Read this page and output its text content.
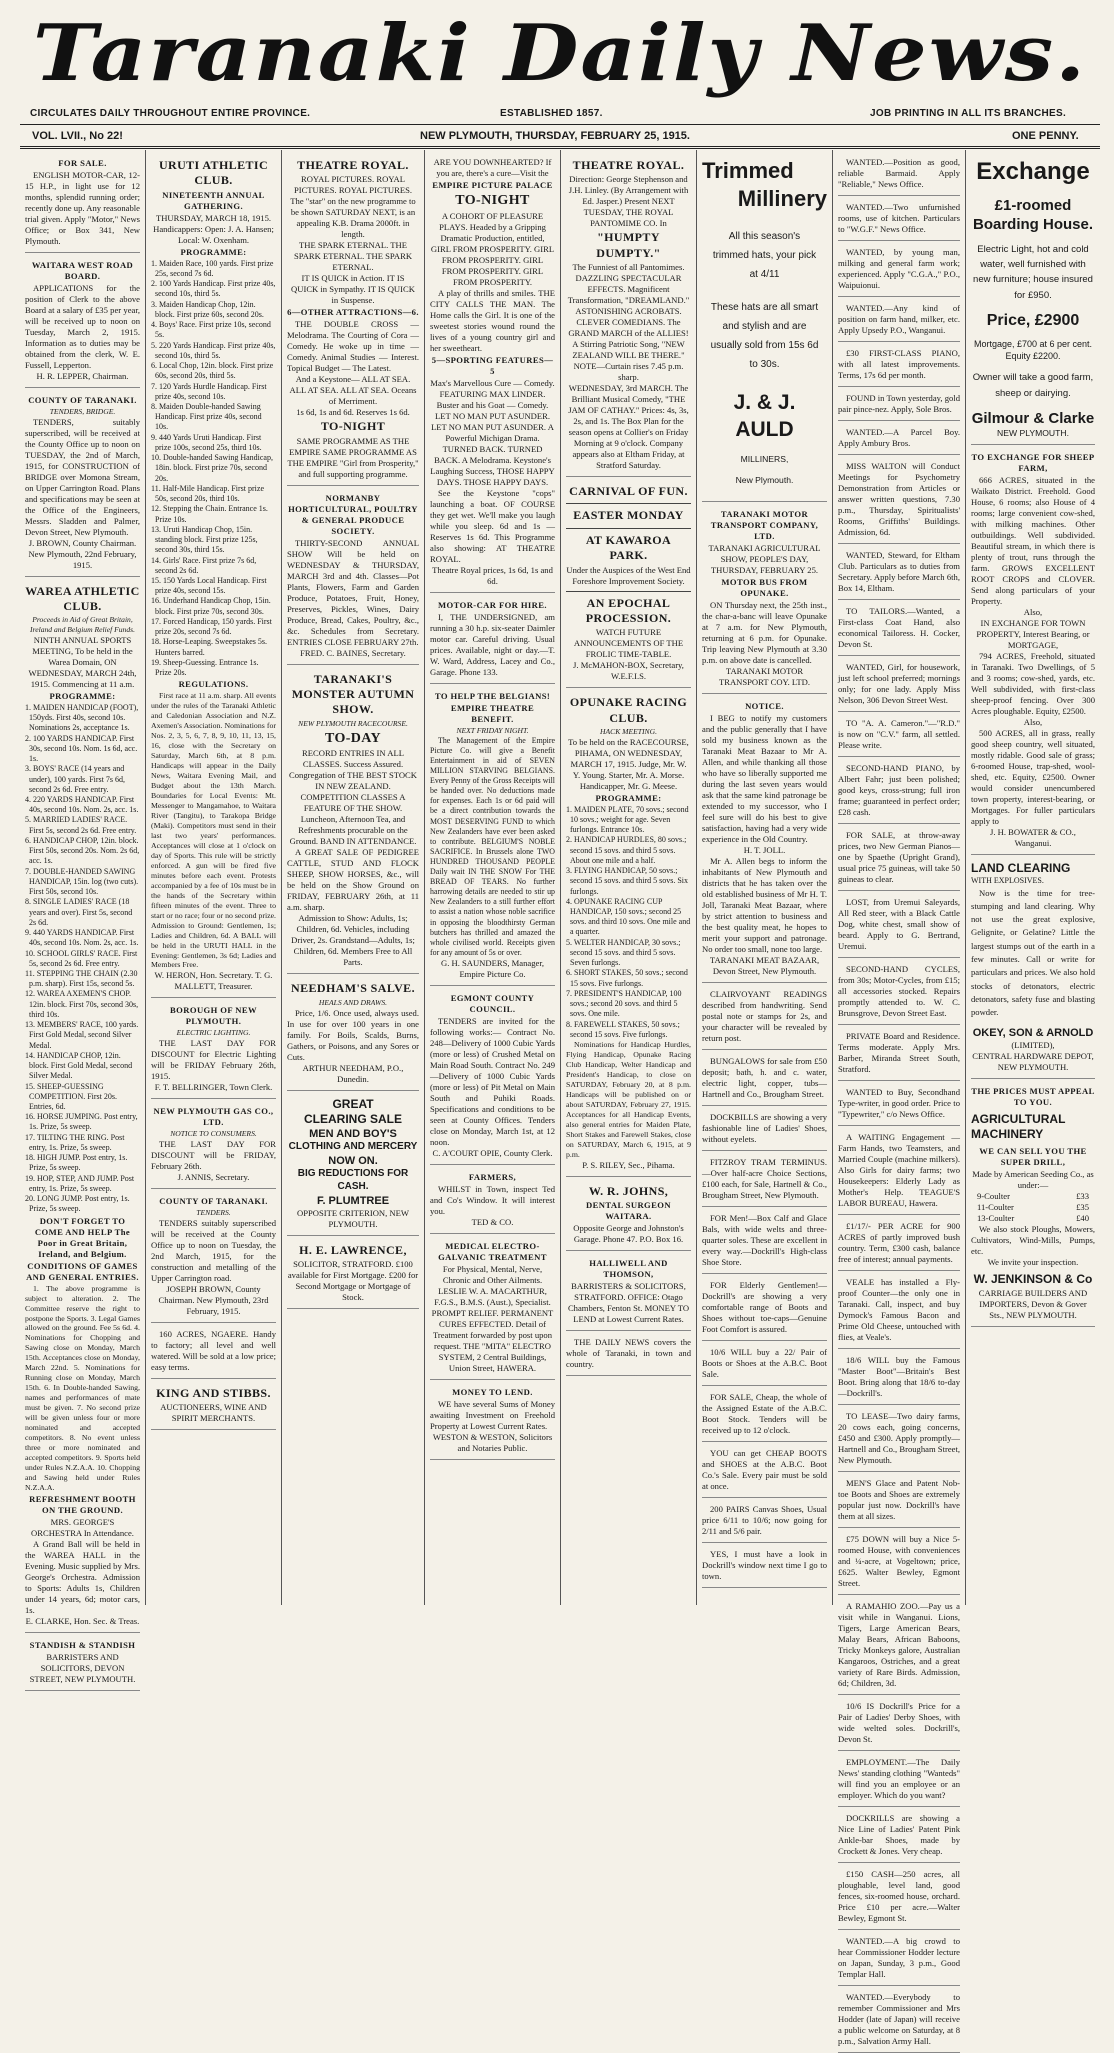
Taranaki Daily News.
CIRCULATES DAILY THROUGHOUT ENTIRE PROVINCE.	ESTABLISHED 1857.	JOB PRINTING IN ALL ITS BRANCHES.
VOL. LVII., No 22!	NEW PLYMOUTH, THURSDAY, FEBRUARY 25, 1915.	ONE PENNY.
FOR SALE.
ENGLISH MOTOR-CAR, 12-15 H.P., in light use for 12 months, splendid running order; recently done up. Any reasonable trial given. Apply "Motor," News Office; or Box 341, New Plymouth.
WAITARA WEST ROAD BOARD.
APPLICATIONS for the position of Clerk to the above Board at a salary of £35 per year, will be received up to noon on Tuesday, March 2, 1915. Information as to duties may be obtained from the clerk, W. E. Fussell, Lepperton.
H. R. LEPPER, Chairman.
COUNTY OF TARANAKI.
TENDERS, BRIDGE.
TENDERS, suitably superscribed, will be received at the County Office up to noon on TUESDAY, the 2nd of March, 1915, for CONSTRUCTION of BRIDGE over Momona Stream, on Upper Carrington Road. Plans and specifications may be seen at the Office of the Engineers, Messrs. Sladden and Palmer, Devon Street, New Plymouth.
J. BROWN, County Chairman. New Plymouth, 22nd February, 1915.
WAREA ATHLETIC CLUB.
Proceeds in Aid of Great Britain, Ireland and Belgium Relief Funds.
NINTH ANNUAL SPORTS MEETING, To be held in the Warea Domain, ON WEDNESDAY, MARCH 24th, 1915. Commencing at 11 a.m.
PROGRAMME:
1. MAIDEN HANDICAP (FOOT), 150yds. First 40s, second 10s. Nominations 2s, acceptance 1s.
2. 100 YARDS HANDICAP. First 30s, second 10s. Nom. 1s 6d, acc. 1s.
3. BOYS' RACE (14 years and under), 100 yards. First 7s 6d, second 2s 6d. Free entry.
4. 220 YARDS HANDICAP. First 40s, second 10s. Nom. 2s, acc. 1s.
5. MARRIED LADIES' RACE. First 5s, second 2s 6d. Free entry.
6. HANDICAP CHOP, 12in. block. First 50s, second 20s. Nom. 2s 6d, acc. 1s.
7. DOUBLE-HANDED SAWING HANDICAP, 15in. log (two cuts). First 50s, second 10s.
8. SINGLE LADIES' RACE (18 years and over). First 5s, second 2s 6d.
9. 440 YARDS HANDICAP. First 40s, second 10s. Nom. 2s, acc. 1s.
10. SCHOOL GIRLS' RACE. First 5s, second 2s 6d. Free entry.
11. STEPPING THE CHAIN (2.30 p.m. sharp). First 15s, second 5s.
12. WAREA AXEMEN'S CHOP. 12in. block. First 70s, second 30s, third 10s.
13. MEMBERS' RACE, 100 yards. First Gold Medal, second Silver Medal.
14. HANDICAP CHOP, 12in. block. First Gold Medal, second Silver Medal.
15. SHEEP-GUESSING COMPETITION. First 20s. Entries, 6d.
16. HORSE JUMPING. Post entry, 1s. Prize, 5s sweep.
17. TILTING THE RING. Post entry, 1s. Prize, 5s sweep.
18. HIGH JUMP. Post entry, 1s. Prize, 5s sweep.
19. HOP, STEP, AND JUMP. Post entry, 1s. Prize, 5s sweep.
20. LONG JUMP. Post entry, 1s. Prize, 5s sweep.
DON'T FORGET TO COME AND HELP The Poor in Great Britain, Ireland, and Belgium.
CONDITIONS OF GAMES AND GENERAL ENTRIES.
1. The above programme is subject to alteration. 2. The Committee reserve the right to postpone the Sports. 3. Legal Games allowed on the ground. Fee 5s 6d. 4. Nominations for Chopping and Sawing close on Monday, March 15th. Acceptances close on Monday, March 22nd. 5. Nominations for Running close on Monday, March 15th. 6. In Double-handed Sawing, names and performances of mate must be given. 7. No second prize will be given unless four or more nominated and accepted competitors. 8. No event unless three or more nominated and accepted competitors. 9. Sports held under Rules N.Z.A.A. 10. Chopping and Sawing held under Rules N.Z.A.A.
REFRESHMENT BOOTH ON THE GROUND.
MRS. GEORGE'S ORCHESTRA In Attendance.
A Grand Ball will be held in the WAREA HALL in the Evening. Music supplied by Mrs. George's Orchestra. Admission to Sports: Adults 1s, Children under 14 years, 6d; motor cars, 1s.
E. CLARKE, Hon. Sec. & Treas.
STANDISH & STANDISH
BARRISTERS AND SOLICITORS, DEVON STREET, NEW PLYMOUTH.
URUTI ATHLETIC CLUB.
NINETEENTH ANNUAL GATHERING.
THURSDAY, MARCH 18, 1915. Handicappers: Open: J. A. Hansen; Local: W. Oxenham.
PROGRAMME:
1. Maiden Race, 100 yards. First prize 25s, second 7s 6d.
2. 100 Yards Handicap. First prize 40s, second 10s, third 5s.
3. Maiden Handicap Chop, 12in. block. First prize 60s, second 20s.
4. Boys' Race. First prize 10s, second 5s.
5. 220 Yards Handicap. First prize 40s, second 10s, third 5s.
6. Local Chop, 12in. block. First prize 60s, second 20s, third 5s.
7. 120 Yards Hurdle Handicap. First prize 40s, second 10s.
8. Maiden Double-handed Sawing Handicap. First prize 40s, second 10s.
9. 440 Yards Uruti Handicap. First prize 100s, second 25s, third 10s.
10. Double-handed Sawing Handicap, 18in. block. First prize 70s, second 20s.
11. Half-Mile Handicap. First prize 50s, second 20s, third 10s.
12. Stepping the Chain. Entrance 1s. Prize 10s.
13. Uruti Handicap Chop, 15in. standing block. First prize 125s, second 30s, third 15s.
14. Girls' Race. First prize 7s 6d, second 2s 6d.
15. 150 Yards Local Handicap. First prize 40s, second 15s.
16. Underhand Handicap Chop, 15in. block. First prize 70s, second 30s.
17. Forced Handicap, 150 yards. First prize 20s, second 7s 6d.
18. Horse-Leaping. Sweepstakes 5s. Hunters barred.
19. Sheep-Guessing. Entrance 1s. Prize 20s.
REGULATIONS.
First race at 11 a.m. sharp. All events under the rules of the Taranaki Athletic and Caledonian Association and N.Z. Axemen's Association. Nominations for Nos. 2, 3, 5, 6, 7, 8, 9, 10, 11, 13, 15, 16, close with the Secretary on Saturday, March 6th, at 8 p.m. Handicaps will appear in the Daily News, Waitara Evening Mail, and Budget about the 13th March. Boundaries for Local Events: Mt. Messenger to Mangamahoe, to Waitara River (Tangitu), to Tarakopa Bridge (Maki). Competitors must send in their last two years' performances. Acceptances will close at 1 o'clock on day of Sports. This rule will be strictly enforced. A gun will be fired five minutes before each event. Protests accompanied by a fee of 10s must be in the hands of the Secretary within fifteen minutes of the event. Three to start or no race; four or no second prize. Admission to Ground: Gentlemen, 1s; Ladies and Children, 6d. A BALL will be held in the URUTI HALL in the Evening: Gentlemen, 3s 6d; Ladies and Members Free.
W. HERON, Hon. Secretary. T. G. MALLETT, Treasurer.
BOROUGH OF NEW PLYMOUTH.
ELECTRIC LIGHTING.
THE LAST DAY FOR DISCOUNT for Electric Lighting will be FRIDAY February 26th, 1915.
F. T. BELLRINGER, Town Clerk.
NEW PLYMOUTH GAS CO., LTD.
NOTICE TO CONSUMERS.
THE LAST DAY FOR DISCOUNT will be FRIDAY, February 26th.
J. ANNIS, Secretary.
COUNTY OF TARANAKI.
TENDERS.
TENDERS suitably superscribed will be received at the County Office up to noon on Tuesday, the 2nd March, 1915, for the construction and metalling of the Upper Carrington road.
JOSEPH BROWN, County Chairman. New Plymouth, 23rd February, 1915.
160 ACRES, NGAERE. Handy to factory; all level and well watered. Will be sold at a low price; easy terms.
KING AND STIBBS.
AUCTIONEERS, WINE AND SPIRIT MERCHANTS.
THEATRE ROYAL.
ROYAL PICTURES. ROYAL PICTURES. ROYAL PICTURES. The "star" on the new programme to be shown SATURDAY NEXT, is an appealing K.B. Drama 2000ft. in length.
THE SPARK ETERNAL. THE SPARK ETERNAL. THE SPARK ETERNAL.
IT IS QUICK in Action. IT IS QUICK in Sympathy. IT IS QUICK in Suspense.
6—OTHER ATTRACTIONS—6.
THE DOUBLE CROSS — Melodrama. The Courting of Cora — Comedy. He woke up in time — Comedy. Animal Studies — Interest. Topical Budget — The Latest.
And a Keystone— ALL AT SEA. ALL AT SEA. ALL AT SEA. Oceans of Merriment.
1s 6d, 1s and 6d. Reserves 1s 6d.
TO-NIGHT
SAME PROGRAMME AS THE EMPIRE SAME PROGRAMME AS THE EMPIRE "Girl from Prosperity," and full supporting programme.
NORMANBY HORTICULTURAL, POULTRY & GENERAL PRODUCE SOCIETY.
THIRTY-SECOND ANNUAL SHOW Will be held on WEDNESDAY & THURSDAY, MARCH 3rd and 4th. Classes—Pot Plants, Flowers, Farm and Garden Produce, Potatoes, Fruit, Honey, Preserves, Pickles, Wines, Dairy Produce, Bread, Cakes, Poultry, &c., &c. Schedules from Secretary. ENTRIES CLOSE FEBRUARY 27th.
FRED. C. BAINES, Secretary.
TARANAKI'S MONSTER AUTUMN SHOW.
NEW PLYMOUTH RACECOURSE.
TO-DAY
RECORD ENTRIES IN ALL CLASSES. Success Assured. Congregation of THE BEST STOCK IN NEW ZEALAND. COMPETITION CLASSES A FEATURE OF THE SHOW. Luncheon, Afternoon Tea, and Refreshments procurable on the Ground. BAND IN ATTENDANCE.
A GREAT SALE OF PEDIGREE CATTLE, STUD AND FLOCK SHEEP, SHOW HORSES, &c., will be held on the Show Ground on FRIDAY, FEBRUARY 26th, at 11 a.m. sharp.
Admission to Show: Adults, 1s; Children, 6d. Vehicles, including Driver, 2s. Grandstand—Adults, 1s; Children, 6d. Members Free to All Parts.
NEEDHAM'S SALVE.
HEALS AND DRAWS.
Price, 1/6. Once used, always used. In use for over 100 years in one family. For Boils, Scalds, Burns, Gathers, or Poisons, and any Sores or Cuts.
ARTHUR NEEDHAM, P.O., Dunedin.
GREAT
CLEARING SALE
MEN AND BOY'S
CLOTHING AND MERCERY
NOW ON.
BIG REDUCTIONS FOR CASH.
F. PLUMTREE
OPPOSITE CRITERION, NEW PLYMOUTH.
H. E. LAWRENCE,
SOLICITOR, STRATFORD. £100 available for First Mortgage. £200 for Second Mortgage or Mortgage of Stock.
ARE YOU DOWNHEARTED? If you are, there's a cure—Visit the
EMPIRE PICTURE PALACE
TO-NIGHT
A COHORT OF PLEASURE PLAYS. Headed by a Gripping Dramatic Production, entitled,
GIRL FROM PROSPERITY. GIRL FROM PROSPERITY. GIRL FROM PROSPERITY. GIRL FROM PROSPERITY.
A play of thrills and smiles. THE CITY CALLS THE MAN. The Home calls the Girl. It is one of the sweetest stories wound round the lives of a young country girl and her sweetheart.
5—SPORTING FEATURES—5
Max's Marvellous Cure — Comedy. FEATURING MAX LINDER. Buster and his Goat — Comedy. LET NO MAN PUT ASUNDER. LET NO MAN PUT ASUNDER. A Powerful Michigan Drama.
TURNED BACK. TURNED BACK. A Melodrama. Keystone's Laughing Success, THOSE HAPPY DAYS. THOSE HAPPY DAYS.
See the Keystone "cops" launching a boat. OF COURSE they get wet. We'll make you laugh while you sleep. 6d and 1s — Reserves 1s 6d. This Programme also showing: AT THEATRE ROYAL.
Theatre Royal prices, 1s 6d, 1s and 6d.
MOTOR-CAR FOR HIRE.
I, THE UNDERSIGNED, am running a 30 h.p. six-seater Daimler motor car. Careful driving. Usual prices. Available, night or day.—T. W. Ward, Address, Lacey and Co., Garage. Phone 133.
TO HELP THE BELGIANS!
EMPIRE THEATRE BENEFIT.
NEXT FRIDAY NIGHT.
The Management of the Empire Picture Co. will give a Benefit Entertainment in aid of SEVEN MILLION STARVING BELGIANS. Every Penny of the Gross Receipts will be handed over. No deductions made for expenses. Each 1s or 6d paid will be a direct contribution towards the MOST DESERVING FUND to which New Zealanders have ever been asked to contribute. BELGIUM'S NOBLE SACRIFICE. In Brussels alone TWO HUNDRED THOUSAND PEOPLE Daily wait IN THE SNOW For THE BREAD OF TEARS. No further harrowing details are needed to stir up New Zealanders to a still further effort to assist a nation whose noble sacrifice in opposing the bloodthirsty German butchers has thrilled and amazed the whole civilised world. Receipts given for any amount of 5s or over.
G. H. SAUNDERS, Manager, Empire Picture Co.
EGMONT COUNTY COUNCIL.
TENDERS are invited for the following works:— Contract No. 248—Delivery of 1000 Cubic Yards (more or less) of Crushed Metal on Main Road South. Contract No. 249—Delivery of 1000 Cubic Yards (more or less) of Pit Metal on Main South and Puhiki Roads. Specifications and conditions to be seen at County Offices. Tenders close on Monday, March 1st, at 12 noon.
C. A'COURT OPIE, County Clerk.
FARMERS,
WHILST in Town, inspect Ted and Co's Window. It will interest you.
TED & CO.
MEDICAL ELECTRO-GALVANIC TREATMENT
For Physical, Mental, Nerve, Chronic and Other Ailments. LESLIE W. A. MACARTHUR, F.G.S., B.M.S. (Aust.), Specialist. PROMPT RELIEF. PERMANENT CURES EFFECTED. Detail of Treatment forwarded by post upon request. THE "MITA" ELECTRO SYSTEM, 2 Central Buildings, Union Street, HAWERA.
MONEY TO LEND.
WE have several Sums of Money awaiting Investment on Freehold Property at Lowest Current Rates.
WESTON & WESTON, Solicitors and Notaries Public.
THEATRE ROYAL.
Direction: George Stephenson and J.H. Linley. (By Arrangement with Ed. Jasper.) Present NEXT TUESDAY, THE ROYAL PANTOMIME CO. In
"HUMPTY DUMPTY."
The Funniest of all Pantomimes. DAZZLING SPECTACULAR EFFECTS. Magnificent Transformation, "DREAMLAND." ASTONISHING ACROBATS. CLEVER COMEDIANS. The GRAND MARCH of the ALLIES! A Stirring Patriotic Song, "NEW ZEALAND WILL BE THERE." NOTE—Curtain rises 7.45 p.m. sharp.
WEDNESDAY, 3rd MARCH. The Brilliant Musical Comedy, "THE JAM OF CATHAY." Prices: 4s, 3s, 2s, and 1s. The Box Plan for the season opens at Collier's on Friday Morning at 9 o'clock. Company appears also at Eltham Friday, at Stratford Saturday.
CARNIVAL OF FUN.
EASTER MONDAY
AT KAWAROA PARK.
Under the Auspices of the West End Foreshore Improvement Society.
AN EPOCHAL PROCESSION.
WATCH FUTURE ANNOUNCEMENTS OF THE FROLIC TIME-TABLE.
J. McMAHON-BOX, Secretary, W.E.F.I.S.
OPUNAKE RACING CLUB.
HACK MEETING.
To be held on the RACECOURSE, PIHAMA, ON WEDNESDAY, MARCH 17, 1915. Judge, Mr. W. Y. Young. Starter, Mr. A. Morse. Handicapper, Mr. G. Meese.
PROGRAMME:
1. MAIDEN PLATE, 70 sovs.; second 10 sovs.; weight for age. Seven furlongs. Entrance 10s.
2. HANDICAP HURDLES, 80 sovs.; second 15 sovs. and third 5 sovs. About one mile and a half.
3. FLYING HANDICAP, 50 sovs.; second 15 sovs. and third 5 sovs. Six furlongs.
4. OPUNAKE RACING CUP HANDICAP, 150 sovs.; second 25 sovs. and third 10 sovs. One mile and a quarter.
5. WELTER HANDICAP, 30 sovs.; second 15 sovs. and third 5 sovs. Seven furlongs.
6. SHORT STAKES, 50 sovs.; second 15 sovs. Five furlongs.
7. PRESIDENT'S HANDICAP, 100 sovs.; second 20 sovs. and third 5 sovs. One mile.
8. FAREWELL STAKES, 50 sovs.; second 15 sovs. Five furlongs.
Nominations for Handicap Hurdles, Flying Handicap, Opunake Racing Club Handicap, Welter Handicap and President's Handicap, to close on SATURDAY, February 20, at 8 p.m. Handicaps will be published on or about SATURDAY, February 27, 1915. Acceptances for all Handicap Events, also general entries for Maiden Plate, Short Stakes and Farewell Stakes, close on SATURDAY, March 6, 1915, at 9 p.m.
P. S. RILEY, Sec., Pihama.
W. R. JOHNS,
DENTAL SURGEON WAITARA.
Opposite George and Johnston's Garage. Phone 47. P.O. Box 16.
HALLIWELL AND THOMSON,
BARRISTERS & SOLICITORS, STRATFORD. OFFICE: Otago Chambers, Fenton St. MONEY TO LEND at Lowest Current Rates.
THE DAILY NEWS covers the whole of Taranaki, in town and country.
Trimmed
Millinery
All this season's trimmed hats, your pick at 4/11
These hats are all smart and stylish and are usually sold from 15s 6d to 30s.
J. & J. AULD
MILLINERS,
New Plymouth.
TARANAKI MOTOR TRANSPORT COMPANY, LTD.
TARANAKI AGRICULTURAL SHOW, PEOPLE'S DAY, THURSDAY, FEBRUARY 25.
MOTOR BUS FROM OPUNAKE.
ON Thursday next, the 25th inst., the char-a-banc will leave Opunake at 7 a.m. for New Plymouth, returning at 6 p.m. for Opunake. Trip leaving New Plymouth at 3.30 p.m. on above date is cancelled.
TARANAKI MOTOR TRANSPORT COY. LTD.
NOTICE.
I BEG to notify my customers and the public generally that I have sold my business known as the Taranaki Meat Bazaar to Mr A. Allen, and while thanking all those who have so liberally supported me during the last seven years would ask that the same kind patronage be extended to my successor, who I feel sure will do his best to give satisfaction, having had a very wide experience in the Old Country.
H. T. JOLL.
Mr A. Allen begs to inform the inhabitants of New Plymouth and districts that he has taken over the old established business of Mr H. T. Joll, Taranaki Meat Bazaar, where by strict attention to business and the best quality meat, he hopes to merit your support and patronage. No order too small, none too large.
TARANAKI MEAT BAZAAR, Devon Street, New Plymouth.
CLAIRVOYANT READINGS described from handwriting. Send postal note or stamps for 2s, and your character will be revealed by return post.
BUNGALOWS for sale from £50 deposit; bath, h. and c. water, electric light, copper, tubs—Hartnell and Co., Brougham Street.
DOCKBILLS are showing a very fashionable line of Ladies' Shoes, without eyelets.
FITZROY TRAM TERMINUS.—Over half-acre Choice Sections, £100 each, for Sale, Hartnell & Co., Brougham Street, New Plymouth.
FOR Men!—Box Calf and Glace Bals, with wide welts and three-quarter soles. These are excellent in every way.—Dockrill's High-class Shoe Store.
FOR Elderly Gentlemen!—Dockrill's are showing a very comfortable range of Boots and Shoes without toe-caps—Genuine Foot Comfort is assured.
10/6 WILL buy a 22/ Pair of Boots or Shoes at the A.B.C. Boot Sale.
FOR SALE, Cheap, the whole of the Assigned Estate of the A.B.C. Boot Stock. Tenders will be received up to 12 o'clock.
YOU can get CHEAP BOOTS and SHOES at the A.B.C. Boot Co.'s Sale. Every pair must be sold at once.
200 PAIRS Canvas Shoes, Usual price 6/11 to 10/6; now going for 2/11 and 5/6 pair.
YES, I must have a look in Dockrill's window next time I go to town.
WANTED.—Position as good, reliable Barmaid. Apply "Reliable," News Office.
WANTED.—Two unfurnished rooms, use of kitchen. Particulars to "W.G.F." News Office.
WANTED, by young man, milking and general farm work; experienced. Apply "C.G.A.," P.O., Waipuionui.
WANTED.—Any kind of position on farm hand, milker, etc. Apply Upsedy P.O., Wanganui.
£30 FIRST-CLASS PIANO, with all latest improvements. Terms, 17s 6d per month.
FOUND in Town yesterday, gold pair pince-nez. Apply, Sole Bros.
WANTED.—A Parcel Boy. Apply Ambury Bros.
MISS WALTON will Conduct Meetings for Psychometry Demonstration from Articles or answer written questions, 7.30 p.m., Thursday, Spiritualists' Rooms, Griffiths' Buildings. Admission, 6d.
WANTED, Steward, for Eltham Club. Particulars as to duties from Secretary. Apply before March 6th, Box 14, Eltham.
TO TAILORS.—Wanted, a First-class Coat Hand, also economical Tailoress. H. Cocker, Devon St.
WANTED, Girl, for housework, just left school preferred; mornings only; for one lady. Apply Miss Nelson, 306 Devon Street West.
TO "A. A. Cameron."—"R.D." is now on "C.V." farm, all settled. Please write.
SECOND-HAND PIANO, by Albert Fahr; just been polished; good keys, cross-strung; full iron frame; guaranteed in perfect order; £28 cash.
FOR SALE, at throw-away prices, two New German Pianos—one by Spaethe (Upright Grand), usual price 75 guineas, will take 50 guineas to clear.
LOST, from Uremui Saleyards, All Red steer, with a Black Cattle Dog, white chest, small show of beard. Apply to G. Bertrand, Uremui.
SECOND-HAND CYCLES, from 30s; Motor-Cycles, from £15; all accessories stocked. Repairs promptly attended to. W. C. Brunsgrove, Devon Street East.
PRIVATE Board and Residence. Terms moderate. Apply Mrs. Barber, Miranda Street South, Stratford.
WANTED to Buy, Secondhand Type-writer, in good order. Price to "Typewriter," c/o News Office.
A WAITING Engagement — Farm Hands, two Teamsters, and Married Couple (machine milkers). Also Girls for dairy farms; two Housekeepers: Elderly Lady as Mother's Help. TEAGUE'S LABOR BUREAU, Hawera.
£1/17/- PER ACRE for 900 ACRES of partly improved bush country. Term, £300 cash, balance free of interest; annual payments.
VEALE has installed a Fly-proof Counter—the only one in Taranaki. Call, inspect, and buy Dymock's Famous Bacon and Prime Old Cheese, untouched with flies, at Veale's.
18/6 WILL buy the Famous "Master Boot"—Britain's Best Boot. Bring along that 18/6 to-day—Dockrill's.
TO LEASE—Two dairy farms, 20 cows each, going concerns, £450 and £300. Apply promptly—Hartnell and Co., Brougham Street, New Plymouth.
MEN'S Glace and Patent Nob-toe Boots and Shoes are extremely popular just now. Dockrill's have them at all sizes.
£75 DOWN will buy a Nice 5-roomed House, with conveniences and ¼-acre, at Vogeltown; price, £625. Walter Bewley, Egmont Street.
A RAMAHIO ZOO.—Pay us a visit while in Wanganui. Lions, Tigers, Large American Bears, Malay Bears, African Baboons, Tricky Monkeys galore, Australian Kangaroos, Ostriches, and a great variety of Rare Birds. Admission, 6d; Children, 3d.
10/6 IS Dockrill's Price for a Pair of Ladies' Derby Shoes, with wide welted soles. Dockrill's, Devon St.
EMPLOYMENT.—The Daily News' standing clothing "Wanteds" will find you an employee or an employer. Which do you want?
DOCKRILLS are showing a Nice Line of Ladies' Patent Pink Ankle-bar Shoes, made by Crockett & Jones. Very cheap.
£150 CASH—250 acres, all ploughable, level land, good fences, six-roomed house, orchard. Price £10 per acre.—Walter Bewley, Egmont St.
WANTED.—A big crowd to hear Commissioner Hodder lecture on Japan, Sunday, 3 p.m., Good Templar Hall.
WANTED.—Everybody to remember Commissioner and Mrs Hodder (late of Japan) will receive a public welcome on Saturday, at 8 p.m., Salvation Army Hall.
Exchange
£1-roomed Boarding House.
Electric Light, hot and cold water, well furnished with new furniture; house insured for £950.
Price, £2900
Mortgage, £700 at 6 per cent. Equity £2200.
Owner will take a good farm, sheep or dairying.
Gilmour & Clarke
NEW PLYMOUTH.
TO EXCHANGE FOR SHEEP FARM,
666 ACRES, situated in the Waikato District. Freehold. Good House, 6 rooms; also House of 4 rooms; large convenient cow-shed, with milking machines. Other outbuildings. Well subdivided. Beautiful stream, in which there is plenty of trout, runs through the farm. GROWS EXCELLENT ROOT CROPS and CLOVER. Send along particulars of your Property.
Also,
IN EXCHANGE FOR TOWN PROPERTY, Interest Bearing, or MORTGAGE,
794 ACRES, Freehold, situated in Taranaki. Two Dwellings, of 5 and 3 rooms; cow-shed, yards, etc. Well subdivided, with first-class sheep-proof fencing. Over 300 Acres ploughable. Equity, £2500.
Also,
500 ACRES, all in grass, really good sheep country, well situated, mostly ridable. Good sale of grass; 6-roomed House, trap-shed, wool-shed, etc. Equity, £2500. Owner would consider unencumbered town property, interest-bearing, or Mortgages. For fuller particulars apply to
J. H. BOWATER & CO., Wanganui.
LAND CLEARING
WITH EXPLOSIVES.
Now is the time for tree-stumping and land clearing. Why not use the great explosive, Gelignite, or Gelatine? Little the largest stumps out of the earth in a few minutes. Call or write for particulars and prices. We also hold stocks of detonators, electric detonators, safety fuse and blasting powder.
OKEY, SON & ARNOLD
(LIMITED),
CENTRAL HARDWARE DEPOT, NEW PLYMOUTH.
THE PRICES MUST APPEAL TO YOU.
AGRICULTURAL MACHINERY
WE CAN SELL YOU THE SUPER DRILL,
Made by American Seeding Co., as under:—
9-Coulter	£33
11-Coulter	£35
13-Coulter	£40
We also stock Ploughs, Mowers, Cultivators, Wind-Mills, Pumps, etc.
We invite your inspection.
W. JENKINSON & Co
CARRIAGE BUILDERS AND IMPORTERS, Devon & Gover Sts., NEW PLYMOUTH.
